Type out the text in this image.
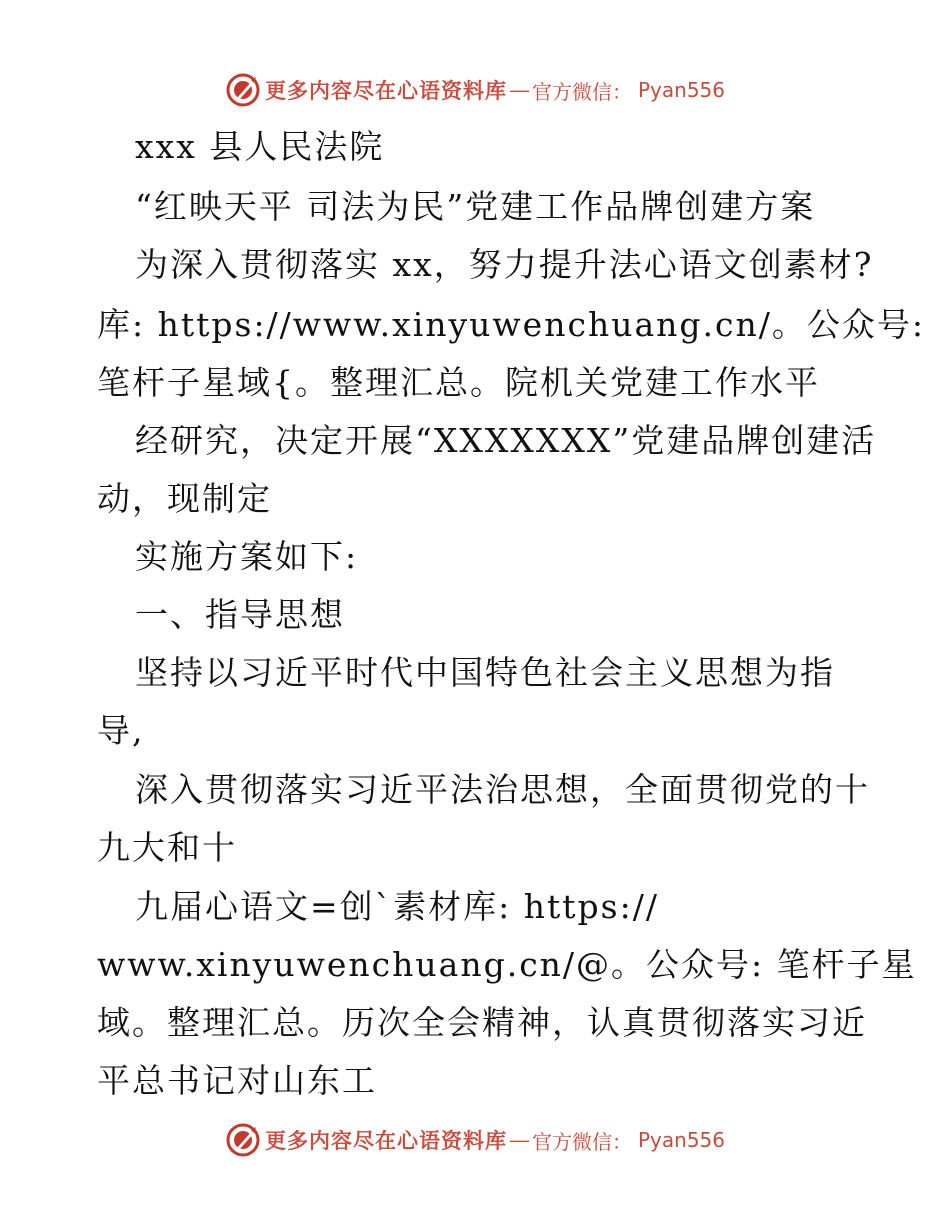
更多内容尽在心语资料库 — 官方微信： Pyan556
xxx 县人民法院
“红映天平 司法为民”党建工作品牌创建方案
为深入贯彻落实 xx，努力提升法心语文创素材?
库: https://www.xinyuwenchuang.cn/。公众号:
笔杆子星域{。整理汇总。院机关党建工作水平
经研究，决定开展“XXXXXXX”党建品牌创建活
动，现制定
实施方案如下:
一、指导思想
坚持以习近平时代中国特色社会主义思想为指
导,
深入贯彻落实习近平法治思想，全面贯彻党的十
九大和十
九届心语文=创`素材库: https://
www.xinyuwenchuang.cn/@。公众号: 笔杆子星
域。整理汇总。历次全会精神，认真贯彻落实习近
平总书记对山东工
更多内容尽在心语资料库 — 官方微信： Pyan556
